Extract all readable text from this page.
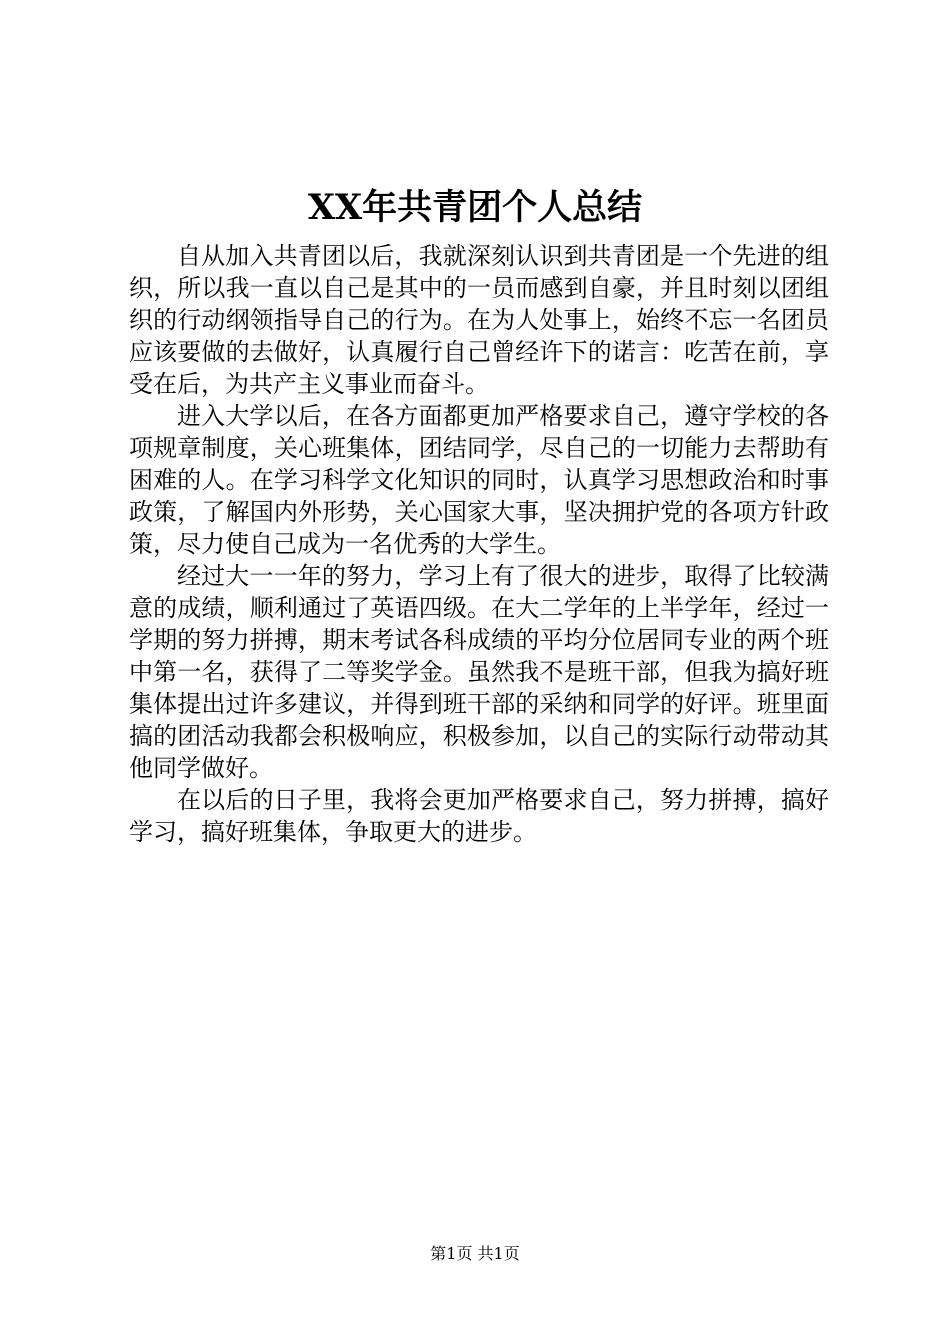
XX年共青团个人总结

自从加入共青团以后，我就深刻认识到共青团是一个先进的组织，所以我一直以自己是其中的一员而感到自豪，并且时刻以团组织的行动纲领指导自己的行为。在为人处事上，始终不忘一名团员应该要做的去做好，认真履行自己曾经许下的诺言：吃苦在前，享受在后，为共产主义事业而奋斗。

进入大学以后，在各方面都更加严格要求自己，遵守学校的各项规章制度，关心班集体，团结同学，尽自己的一切能力去帮助有困难的人。在学习科学文化知识的同时，认真学习思想政治和时事政策，了解国内外形势，关心国家大事，坚决拥护党的各项方针政策，尽力使自己成为一名优秀的大学生。

经过大一一年的努力，学习上有了很大的进步，取得了比较满意的成绩，顺利通过了英语四级。在大二学年的上半学年，经过一学期的努力拼搏，期末考试各科成绩的平均分位居同专业的两个班中第一名，获得了二等奖学金。虽然我不是班干部，但我为搞好班集体提出过许多建议，并得到班干部的采纳和同学的好评。班里面搞的团活动我都会积极响应，积极参加，以自己的实际行动带动其他同学做好。

在以后的日子里，我将会更加严格要求自己，努力拼搏，搞好学习，搞好班集体，争取更大的进步。

第1页 共1页
